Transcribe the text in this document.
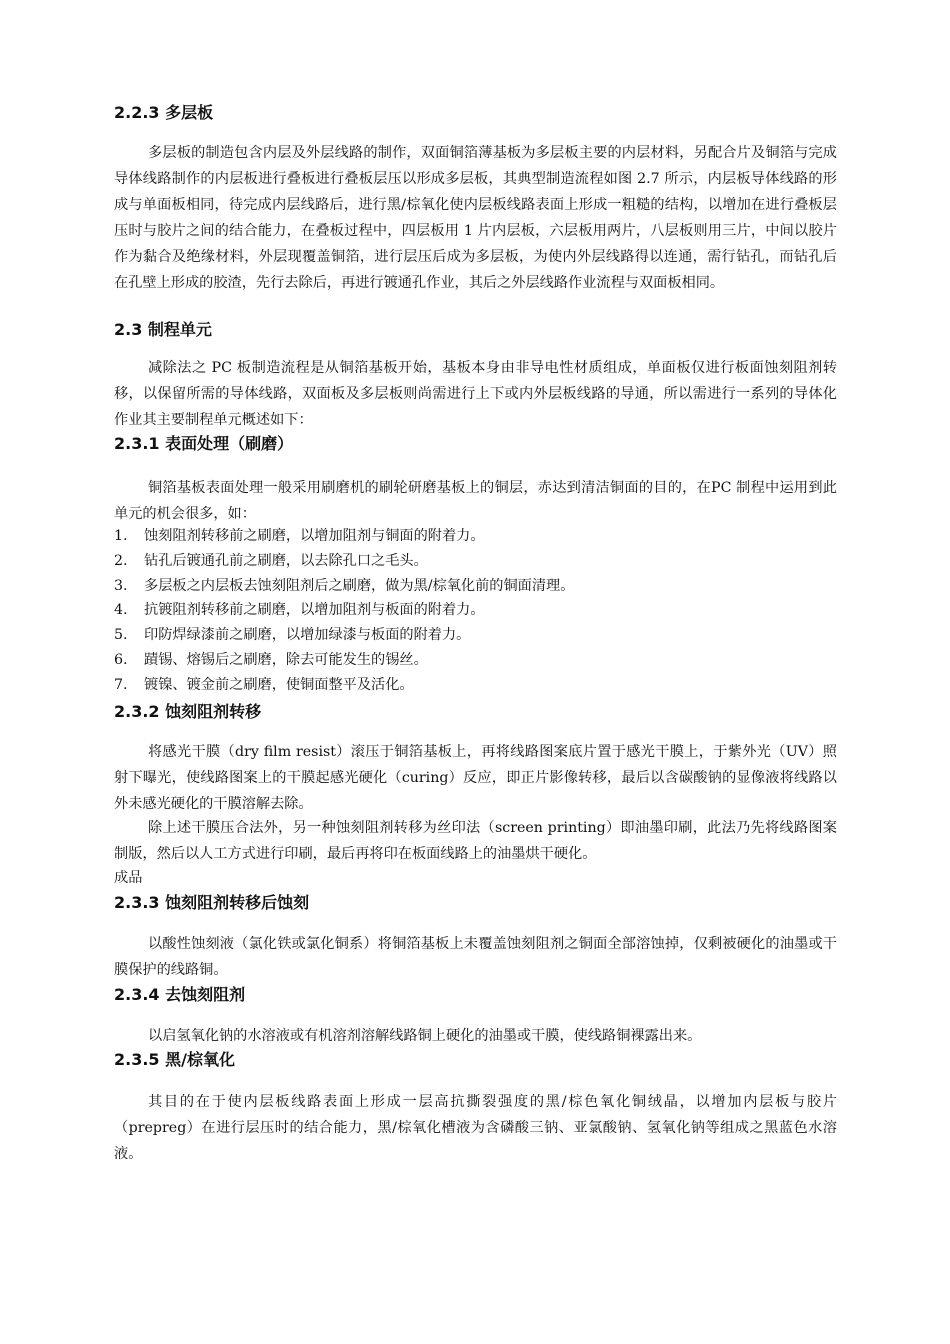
2.2.3 多层板

多层板的制造包含内层及外层线路的制作，双面铜箔薄基板为多层板主要的内层材料，另配合片及铜箔与完成导体线路制作的内层板进行叠板进行叠板层压以形成多层板，其典型制造流程如图 2.7 所示，内层板导体线路的形成与单面板相同，待完成内层线路后，进行黑/棕氧化使内层板线路表面上形成一粗糙的结构，以增加在进行叠板层压时与胶片之间的结合能力，在叠板过程中，四层板用 1 片内层板，六层板用两片，八层板则用三片，中间以胶片作为黏合及绝缘材料，外层现覆盖铜箔，进行层压后成为多层板，为使内外层线路得以连通，需行钻孔，而钻孔后在孔壁上形成的胶渣，先行去除后，再进行镀通孔作业，其后之外层线路作业流程与双面板相同。

2.3 制程单元

减除法之 PC 板制造流程是从铜箔基板开始，基板本身由非导电性材质组成，单面板仅进行板面蚀刻阻剂转移，以保留所需的导体线路，双面板及多层板则尚需进行上下或内外层板线路的导通，所以需进行一系列的导体化作业其主要制程单元概述如下：

2.3.1 表面处理（刷磨）

铜箔基板表面处理一般采用刷磨机的刷轮研磨基板上的铜层，赤达到清洁铜面的目的，在PC 制程中运用到此单元的机会很多，如：

1.	蚀刻阻剂转移前之刷磨，以增加阻剂与铜面的附着力。
2.	钻孔后镀通孔前之刷磨，以去除孔口之毛头。
3.	多层板之内层板去蚀刻阻剂后之刷磨，做为黑/棕氧化前的铜面清理。
4.	抗镀阻剂转移前之刷磨，以增加阻剂与板面的附着力。
5.	印防焊绿漆前之刷磨，以增加绿漆与板面的附着力。
6.	蹟锡、熔锡后之刷磨，除去可能发生的锡丝。
7.	镀镍、镀金前之刷磨，使铜面整平及活化。
2.3.2 蚀刻阻剂转移

将感光干膜（dry film resist）滚压于铜箔基板上，再将线路图案底片置于感光干膜上，于紫外光（UV）照射下曝光，使线路图案上的干膜起感光硬化（curing）反应，即正片影像转移，最后以含碳酸钠的显像液将线路以外未感光硬化的干膜溶解去除。

除上述干膜压合法外，另一种蚀刻阻剂转移为丝印法（screen printing）即油墨印刷，此法乃先将线路图案制版，然后以人工方式进行印刷，最后再将印在板面线路上的油墨烘干硬化。

成品

2.3.3 蚀刻阻剂转移后蚀刻

以酸性蚀刻液（氯化铁或氯化铜系）将铜箔基板上未覆盖蚀刻阻剂之铜面全部溶蚀掉，仅剩被硬化的油墨或干膜保护的线路铜。

2.3.4 去蚀刻阻剂

以启氢氧化钠的水溶液或有机溶剂溶解线路铜上硬化的油墨或干膜，使线路铜裸露出来。

2.3.5 黑/棕氧化

其目的在于使内层板线路表面上形成一层高抗撕裂强度的黑/棕色氧化铜绒晶，以增加内层板与胶片（prepreg）在进行层压时的结合能力，黑/棕氧化槽液为含磷酸三钠、亚氯酸钠、氢氧化钠等组成之黑蓝色水溶液。
